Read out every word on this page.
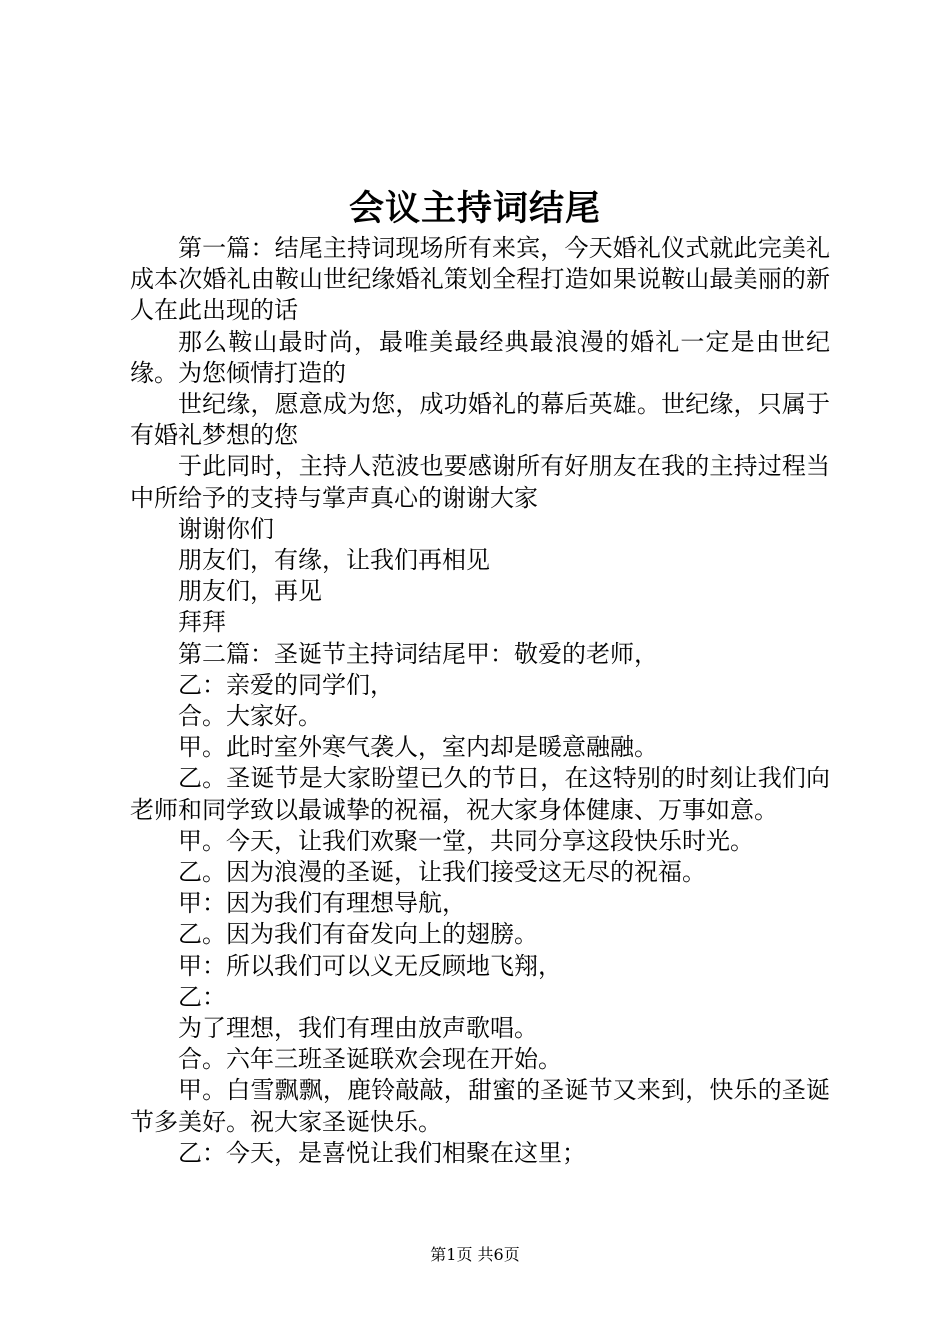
会议主持词结尾

第一篇：结尾主持词现场所有来宾，今天婚礼仪式就此完美礼成本次婚礼由鞍山世纪缘婚礼策划全程打造如果说鞍山最美丽的新人在此出现的话

那么鞍山最时尚，最唯美最经典最浪漫的婚礼一定是由世纪缘。为您倾情打造的

世纪缘，愿意成为您，成功婚礼的幕后英雄。世纪缘，只属于有婚礼梦想的您

于此同时，主持人范波也要感谢所有好朋友在我的主持过程当中所给予的支持与掌声真心的谢谢大家

谢谢你们

朋友们，有缘，让我们再相见

朋友们，再见

拜拜

第二篇：圣诞节主持词结尾甲：敬爱的老师，

乙：亲爱的同学们，

合。大家好。

甲。此时室外寒气袭人，室内却是暖意融融。

乙。圣诞节是大家盼望已久的节日，在这特别的时刻让我们向老师和同学致以最诚挚的祝福，祝大家身体健康、万事如意。

甲。今天，让我们欢聚一堂，共同分享这段快乐时光。

乙。因为浪漫的圣诞，让我们接受这无尽的祝福。

甲：因为我们有理想导航，

乙。因为我们有奋发向上的翅膀。

甲：所以我们可以义无反顾地飞翔，

乙：

为了理想，我们有理由放声歌唱。

合。六年三班圣诞联欢会现在开始。

甲。白雪飘飘，鹿铃敲敲，甜蜜的圣诞节又来到，快乐的圣诞节多美好。祝大家圣诞快乐。

乙：今天，是喜悦让我们相聚在这里；

第1页 共6页
